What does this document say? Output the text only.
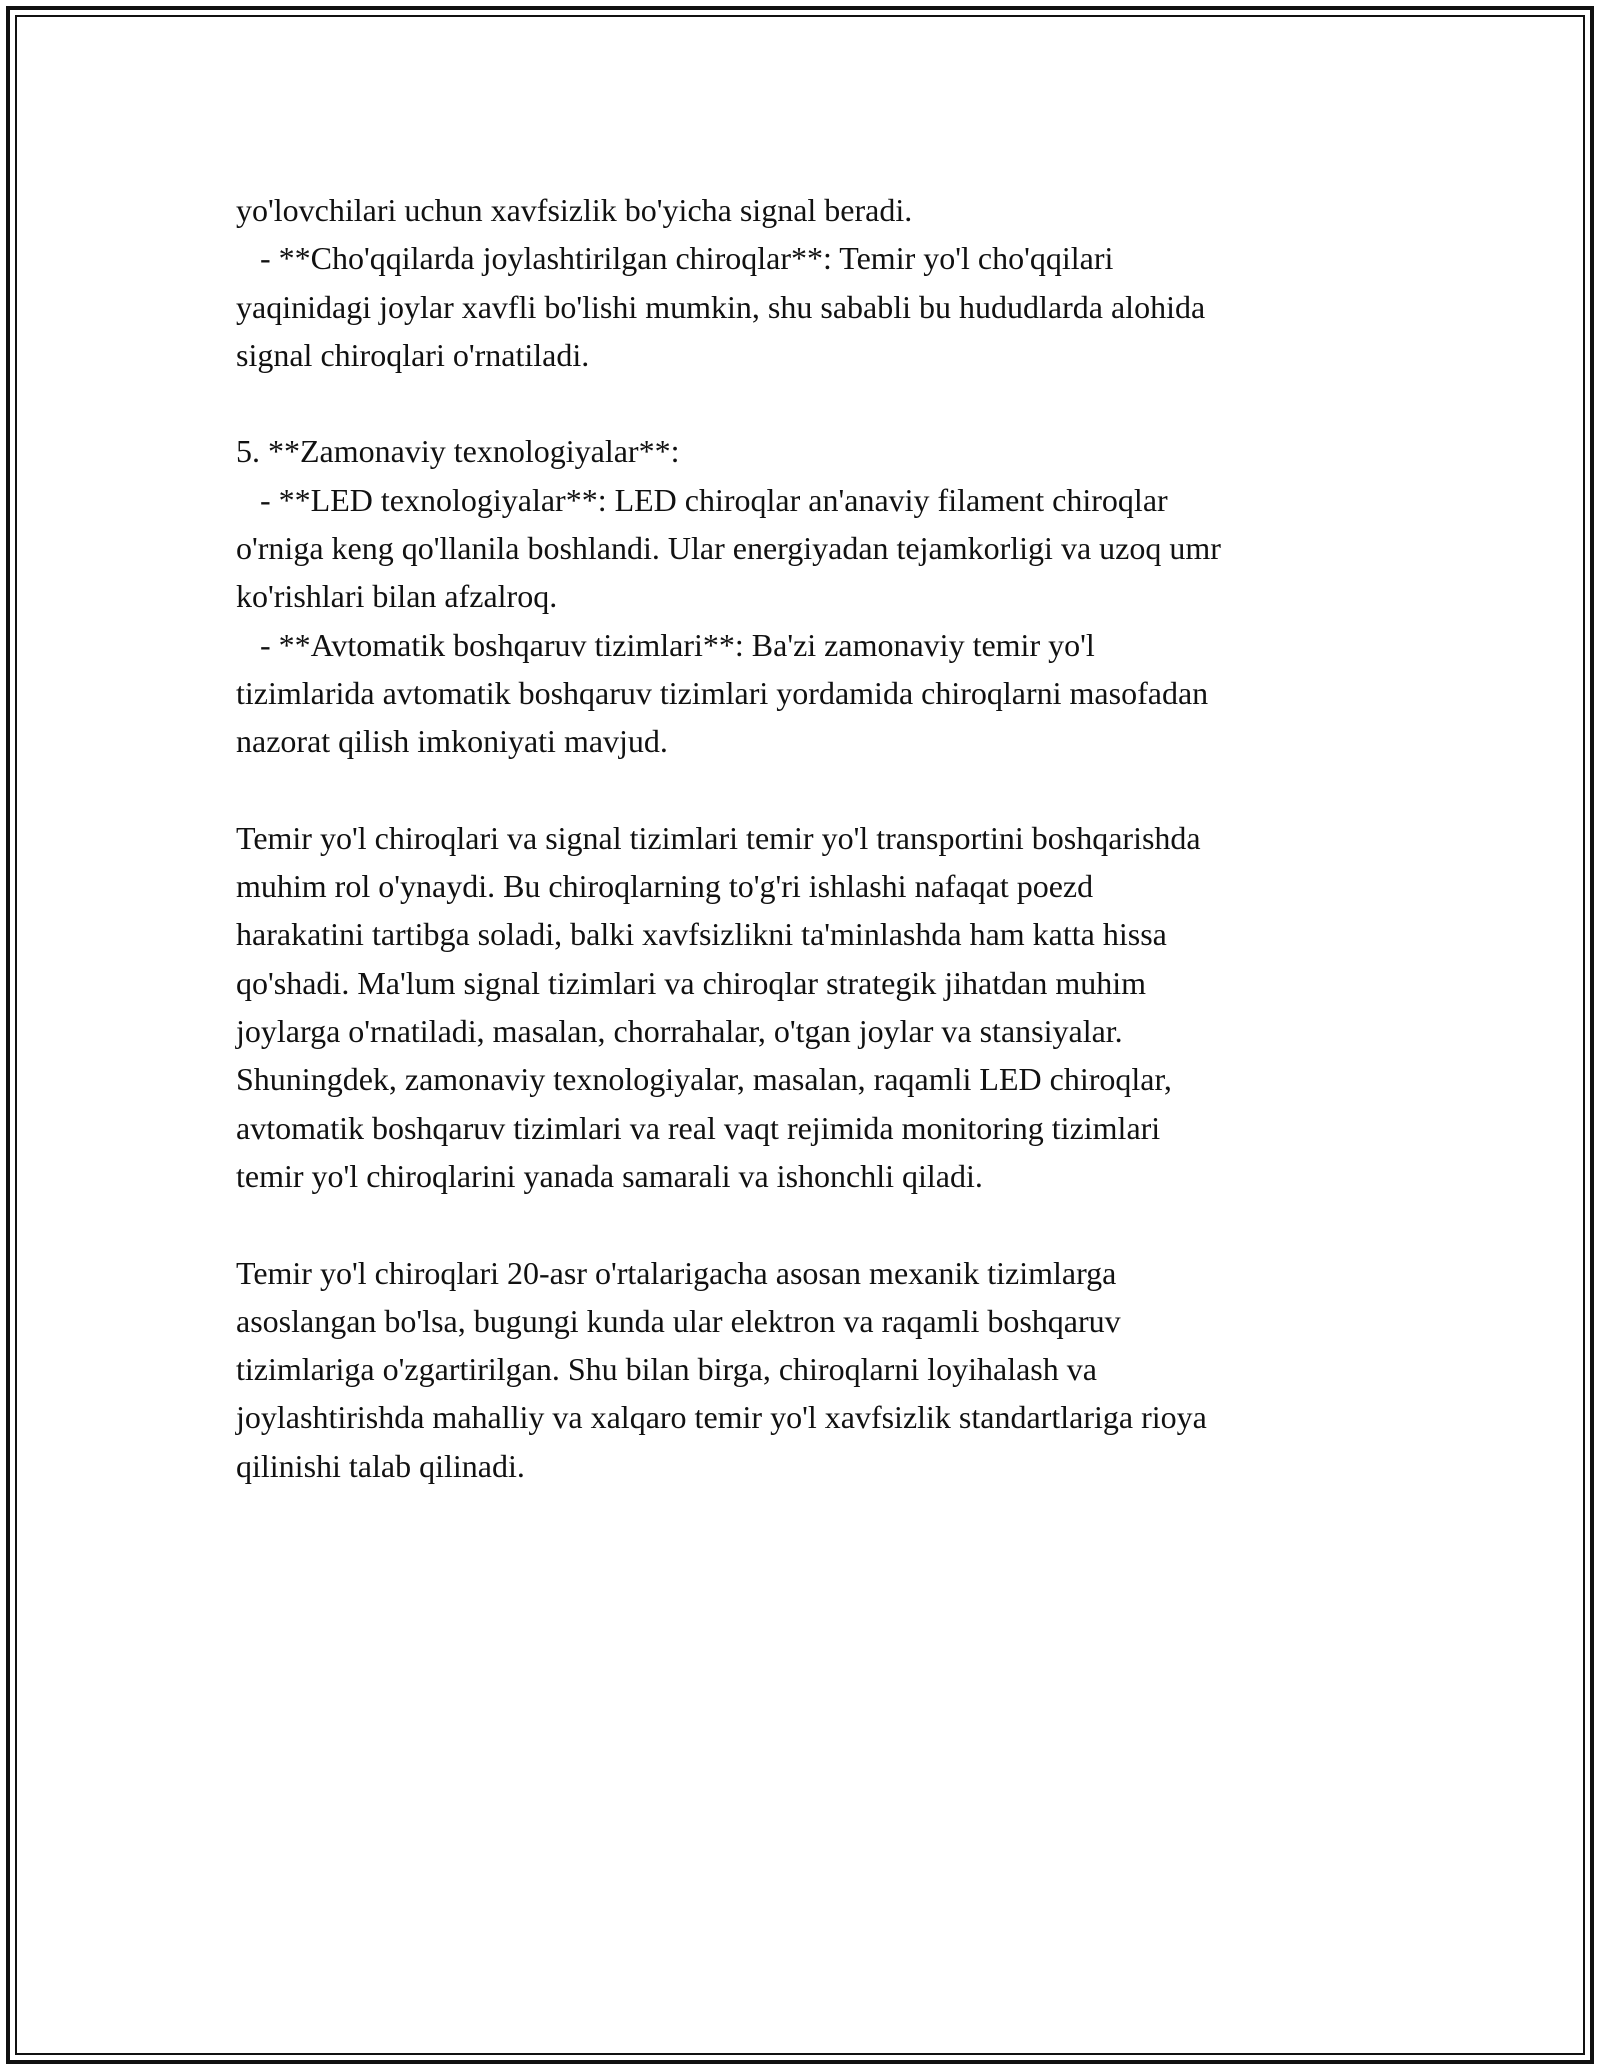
yo'lovchilari uchun xavfsizlik bo'yicha signal beradi.
- **Cho'qqilarda joylashtirilgan chiroqlar**: Temir yo'l cho'qqilari
yaqinidagi joylar xavfli bo'lishi mumkin, shu sababli bu hududlarda alohida
signal chiroqlari o'rnatiladi.
5. **Zamonaviy texnologiyalar**:
- **LED texnologiyalar**: LED chiroqlar an'anaviy filament chiroqlar
o'rniga keng qo'llanila boshlandi. Ular energiyadan tejamkorligi va uzoq umr
ko'rishlari bilan afzalroq.
- **Avtomatik boshqaruv tizimlari**: Ba'zi zamonaviy temir yo'l
tizimlarida avtomatik boshqaruv tizimlari yordamida chiroqlarni masofadan
nazorat qilish imkoniyati mavjud.
Temir yo'l chiroqlari va signal tizimlari temir yo'l transportini boshqarishda
muhim rol o'ynaydi. Bu chiroqlarning to'g'ri ishlashi nafaqat poezd
harakatini tartibga soladi, balki xavfsizlikni ta'minlashda ham katta hissa
qo'shadi. Ma'lum signal tizimlari va chiroqlar strategik jihatdan muhim
joylarga o'rnatiladi, masalan, chorrahalar, o'tgan joylar va stansiyalar.
Shuningdek, zamonaviy texnologiyalar, masalan, raqamli LED chiroqlar,
avtomatik boshqaruv tizimlari va real vaqt rejimida monitoring tizimlari
temir yo'l chiroqlarini yanada samarali va ishonchli qiladi.
Temir yo'l chiroqlari 20-asr o'rtalarigacha asosan mexanik tizimlarga
asoslangan bo'lsa, bugungi kunda ular elektron va raqamli boshqaruv
tizimlariga o'zgartirilgan. Shu bilan birga, chiroqlarni loyihalash va
joylashtirishda mahalliy va xalqaro temir yo'l xavfsizlik standartlariga rioya
qilinishi talab qilinadi.
